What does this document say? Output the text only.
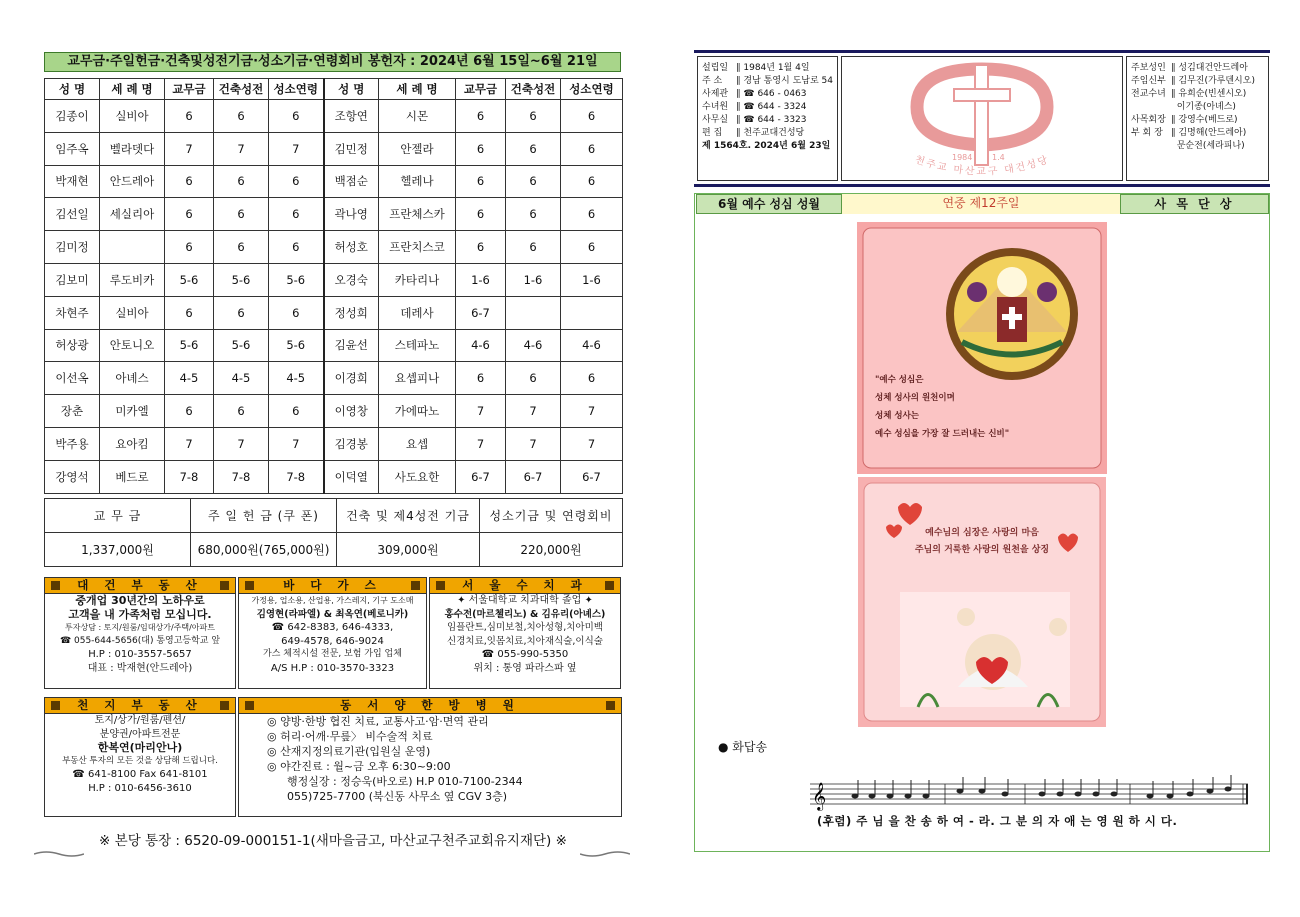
교무금·주일헌금·건축및성전기금·성소기금·연령회비 봉헌자 : 2024년 6월 15일~6월 21일
성 명	세 례 명	교무금	건축성전	성소연령	성 명	세 례 명	교무금	건축성전	성소연령
김종이	실비아	6	6	6	조항연	시몬	6	6	6
임주옥	벨라뎃다	7	7	7	김민정	안젤라	6	6	6
박재현	안드레아	6	6	6	백점순	헬레나	6	6	6
김선일	세실리아	6	6	6	곽나영	프란체스카	6	6	6
김미정		6	6	6	허성호	프란치스코	6	6	6
김보미	루도비카	5-6	5-6	5-6	오경숙	카타리나	1-6	1-6	1-6
차현주	실비아	6	6	6	정성희	데레사	6-7		
허상광	안토니오	5-6	5-6	5-6	김윤선	스테파노	4-6	4-6	4-6
이선옥	아녜스	4-5	4-5	4-5	이경희	요셉피나	6	6	6
장춘	미카엘	6	6	6	이영창	가에따노	7	7	7
박주용	요아킴	7	7	7	김경봉	요셉	7	7	7
강영석	베드로	7-8	7-8	7-8	이덕열	사도요한	6-7	6-7	6-7
교 무 금	주 일 헌 금 (쿠 폰)	건축 및 제4성전 기금	성소기금 및 연령회비
1,337,000원	680,000원(765,000원)	309,000원	220,000원
대 건 부 동 산
중개업 30년간의 노하우로
고객을 내 가족처럼 모십니다.
투자상담 : 토지/원룸/임대상가/주택/아파트
☎ 055-644-5656(대) 통영고등학교 앞
H.P : 010-3557-5657
대표 : 박재현(안드레아)
바 다 가 스
가정용, 업소용, 산업용, 가스레지, 기구 도소매
김영현(라파엘) & 최옥연(베로니카)
☎ 642-8383, 646-4333,
649-4578, 646-9024
가스 체적시설 전문, 보험 가입 업체
A/S H.P : 010-3570-3323
서 울 수 치 과
✦ 서울대학교 치과대학 졸업 ✦
홍수전(마르첼리노) & 김유리(아녜스)
임플란트,심미보철,치아성형,치아미백
신경치료,잇몸치료,치아재식술,이식술
☎ 055-990-5350
위치 : 통영 파라스파 옆
천 지 부 동 산
토지/상가/원룸/펜션/
분양권/아파트전문
한복연(마리안나)
부동산 투자의 모든 것을 상담해 드립니다.
☎ 641-8100 Fax 641-8101
H.P : 010-6456-3610
동 서 양 한 방 병 원
◎ 양방·한방 협진 치료, 교통사고·암·면역 관리
◎ 허리·어깨·무릎〉 비수술적 치료
◎ 산재지정의료기관(입원실 운영)
◎ 야간진료 : 월~금 오후 6:30~9:00
행정실장 : 정승욱(바오로) H.P 010-7100-2344
055)725-7700 (북신동 사무소 옆 CGV 3층)
※ 본당 통장 : 6520-09-000151-1(새마을금고, 마산교구천주교회유지재단) ※
설립일 ∥ 1984년 1월 4일
주 소 ∥ 경남 통영시 도남로 54
사제관 ∥ ☎ 646 - 0463
수녀원 ∥ ☎ 644 - 3324
사무실 ∥ ☎ 644 - 3323
편 집 ∥ 천주교대건성당
제 1564호. 2024년 6월 23일
1984 1.4
천주교 마산교구 대건성당
주보성인 ∥ 성김대건안드레아
주임신부 ∥ 김무진(가루덴시오)
전교수녀 ∥ 유희순(빈센시오)
이기종(아녜스)
사목회장 ∥ 강영수(베드로)
부 회 장 ∥ 김명해(안드레아)
문순전(세라피나)
6월 예수 성심 성월	연중 제12주일	사 목 단 상
"예수 성심은
성체 성사의 원천이며
성체 성사는
예수 성심을 가장 잘 드러내는 신비"
예수님의 심장은 사랑의 마음
주님의 거룩한 사랑의 원천을 상징
● 화답송
𝄞
(후렴) 주 님 을 찬 송 하 여 - 라. 그 분 의 자 애 는 영 원 하 시 다.
